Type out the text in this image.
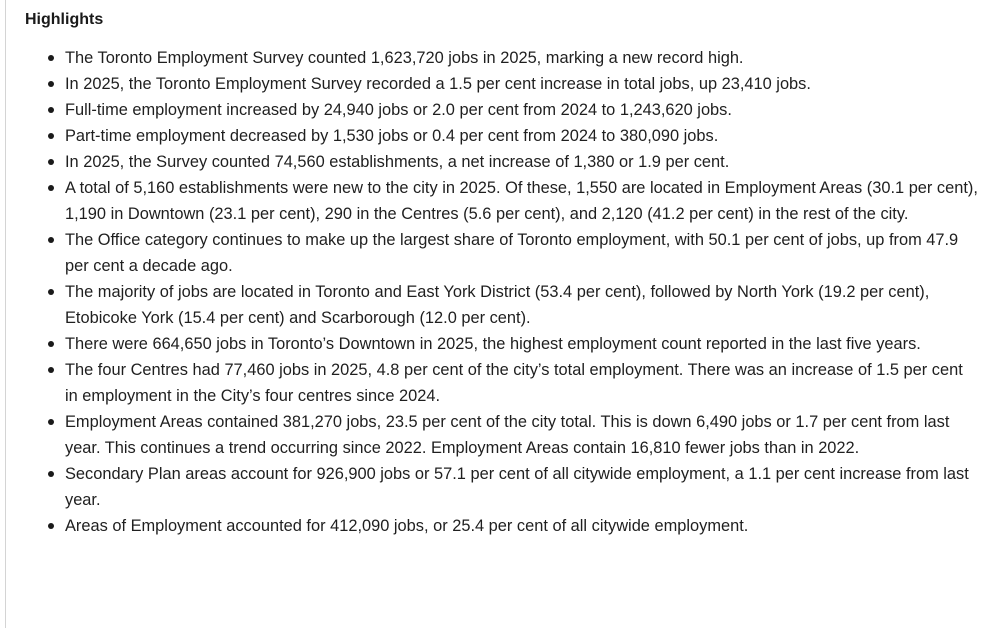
Highlights
The Toronto Employment Survey counted 1,623,720 jobs in 2025, marking a new record high.
In 2025, the Toronto Employment Survey recorded a 1.5 per cent increase in total jobs, up 23,410 jobs.
Full-time employment increased by 24,940 jobs or 2.0 per cent from 2024 to 1,243,620 jobs.
Part-time employment decreased by 1,530 jobs or 0.4 per cent from 2024 to 380,090 jobs.
In 2025, the Survey counted 74,560 establishments, a net increase of 1,380 or 1.9 per cent.
A total of 5,160 establishments were new to the city in 2025. Of these, 1,550 are located in Employment Areas (30.1 per cent), 1,190 in Downtown (23.1 per cent), 290 in the Centres (5.6 per cent), and 2,120 (41.2 per cent) in the rest of the city.
The Office category continues to make up the largest share of Toronto employment, with 50.1 per cent of jobs, up from 47.9 per cent a decade ago.
The majority of jobs are located in Toronto and East York District (53.4 per cent), followed by North York (19.2 per cent), Etobicoke York (15.4 per cent) and Scarborough (12.0 per cent).
There were 664,650 jobs in Toronto’s Downtown in 2025, the highest employment count reported in the last five years.
The four Centres had 77,460 jobs in 2025, 4.8 per cent of the city’s total employment. There was an increase of 1.5 per cent in employment in the City’s four centres since 2024.
Employment Areas contained 381,270 jobs, 23.5 per cent of the city total. This is down 6,490 jobs or 1.7 per cent from last year. This continues a trend occurring since 2022. Employment Areas contain 16,810 fewer jobs than in 2022.
Secondary Plan areas account for 926,900 jobs or 57.1 per cent of all citywide employment, a 1.1 per cent increase from last year.
Areas of Employment accounted for 412,090 jobs, or 25.4 per cent of all citywide employment.
